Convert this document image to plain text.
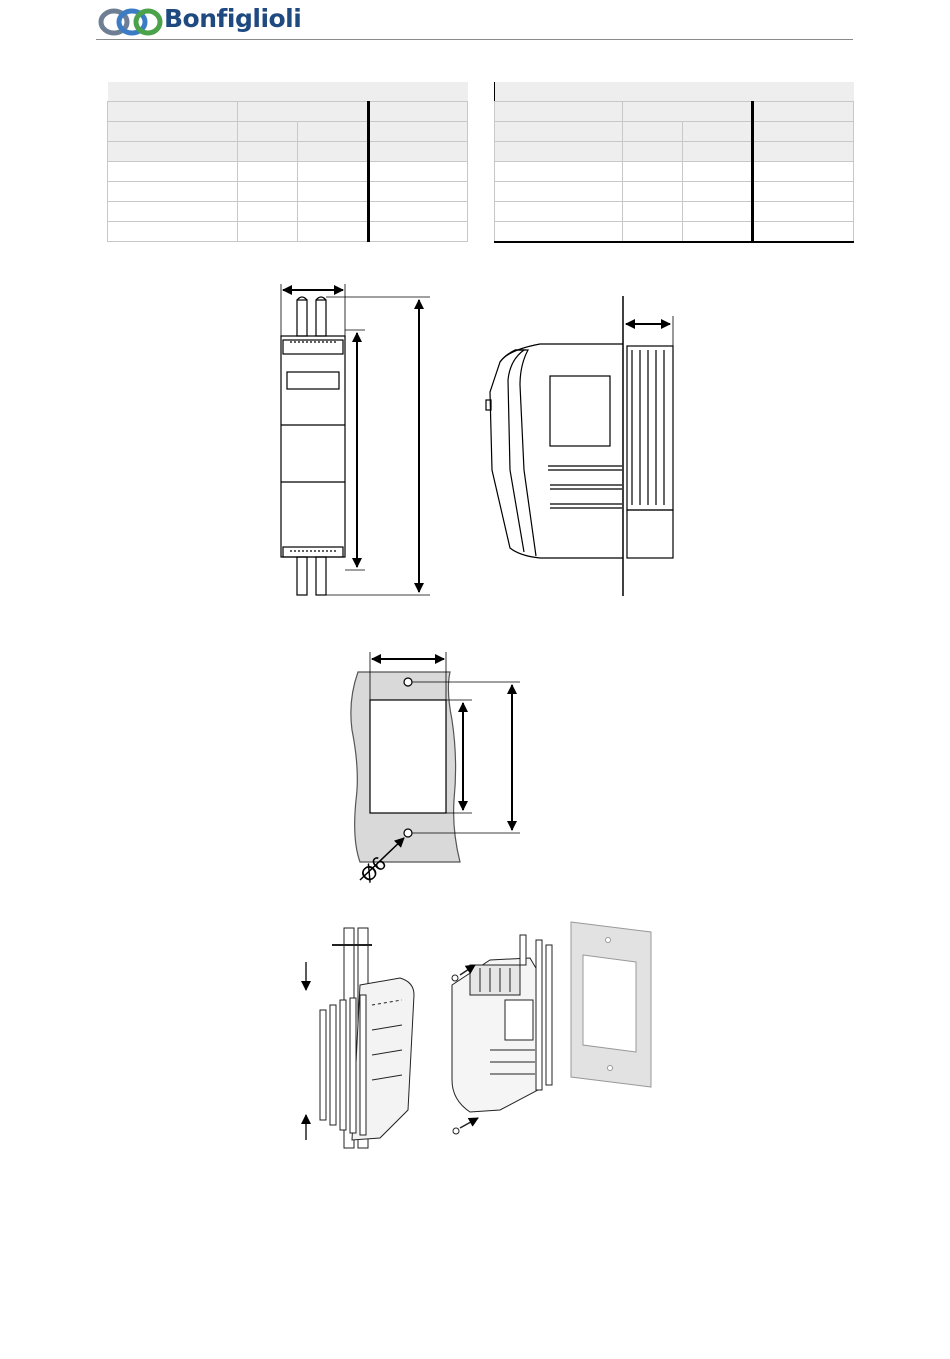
Bonfiglioli

Ø6
